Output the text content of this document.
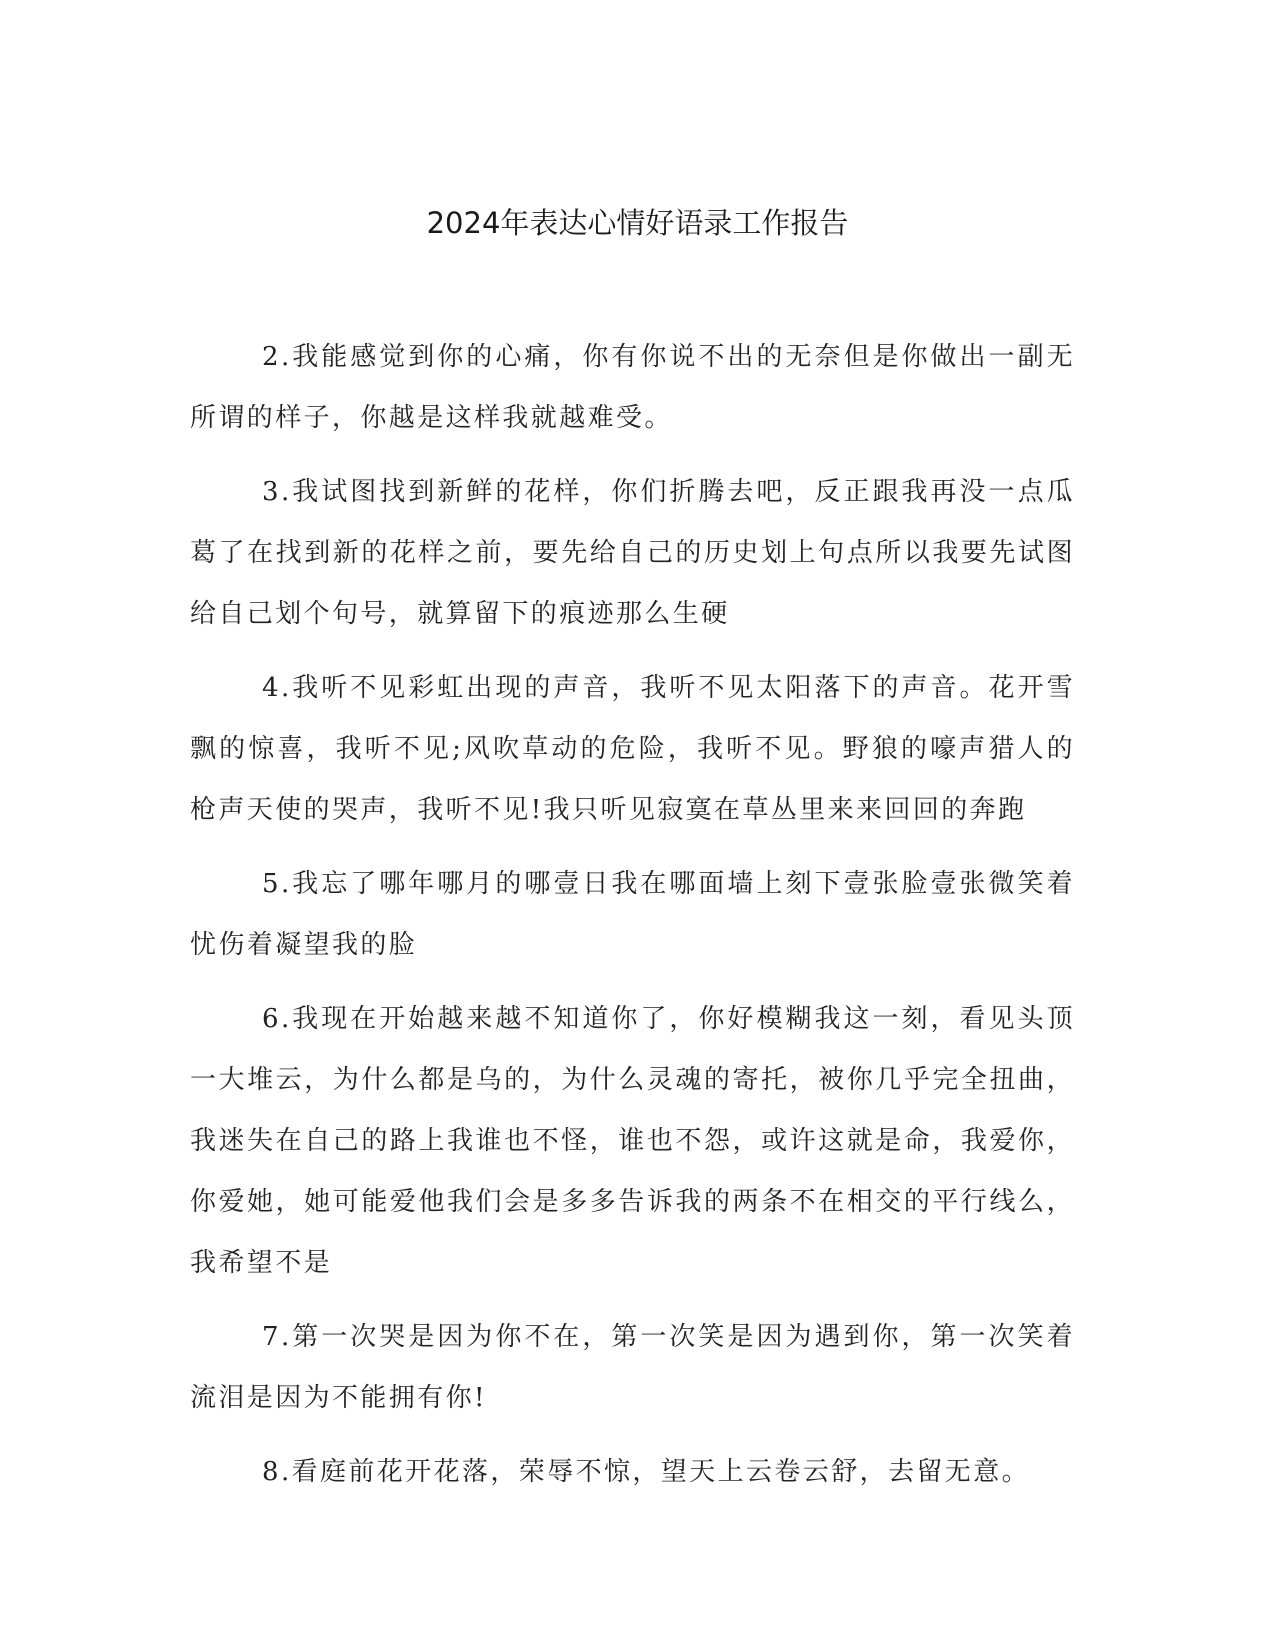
2024年表达心情好语录工作报告

2.我能感觉到你的心痛，你有你说不出的无奈但是你做出一副无所谓的样子，你越是这样我就越难受。

3.我试图找到新鲜的花样，你们折腾去吧，反正跟我再没一点瓜葛了在找到新的花样之前，要先给自己的历史划上句点所以我要先试图给自己划个句号，就算留下的痕迹那么生硬

4.我听不见彩虹出现的声音，我听不见太阳落下的声音。花开雪飘的惊喜，我听不见;风吹草动的危险，我听不见。野狼的嚎声猎人的枪声天使的哭声，我听不见!我只听见寂寞在草丛里来来回回的奔跑

5.我忘了哪年哪月的哪壹日我在哪面墙上刻下壹张脸壹张微笑着忧伤着凝望我的脸

6.我现在开始越来越不知道你了，你好模糊我这一刻，看见头顶一大堆云，为什么都是乌的，为什么灵魂的寄托，被你几乎完全扭曲，我迷失在自己的路上我谁也不怪，谁也不怨，或许这就是命，我爱你，你爱她，她可能爱他我们会是多多告诉我的两条不在相交的平行线么，我希望不是

7.第一次哭是因为你不在，第一次笑是因为遇到你，第一次笑着流泪是因为不能拥有你!

8.看庭前花开花落，荣辱不惊，望天上云卷云舒，去留无意。
